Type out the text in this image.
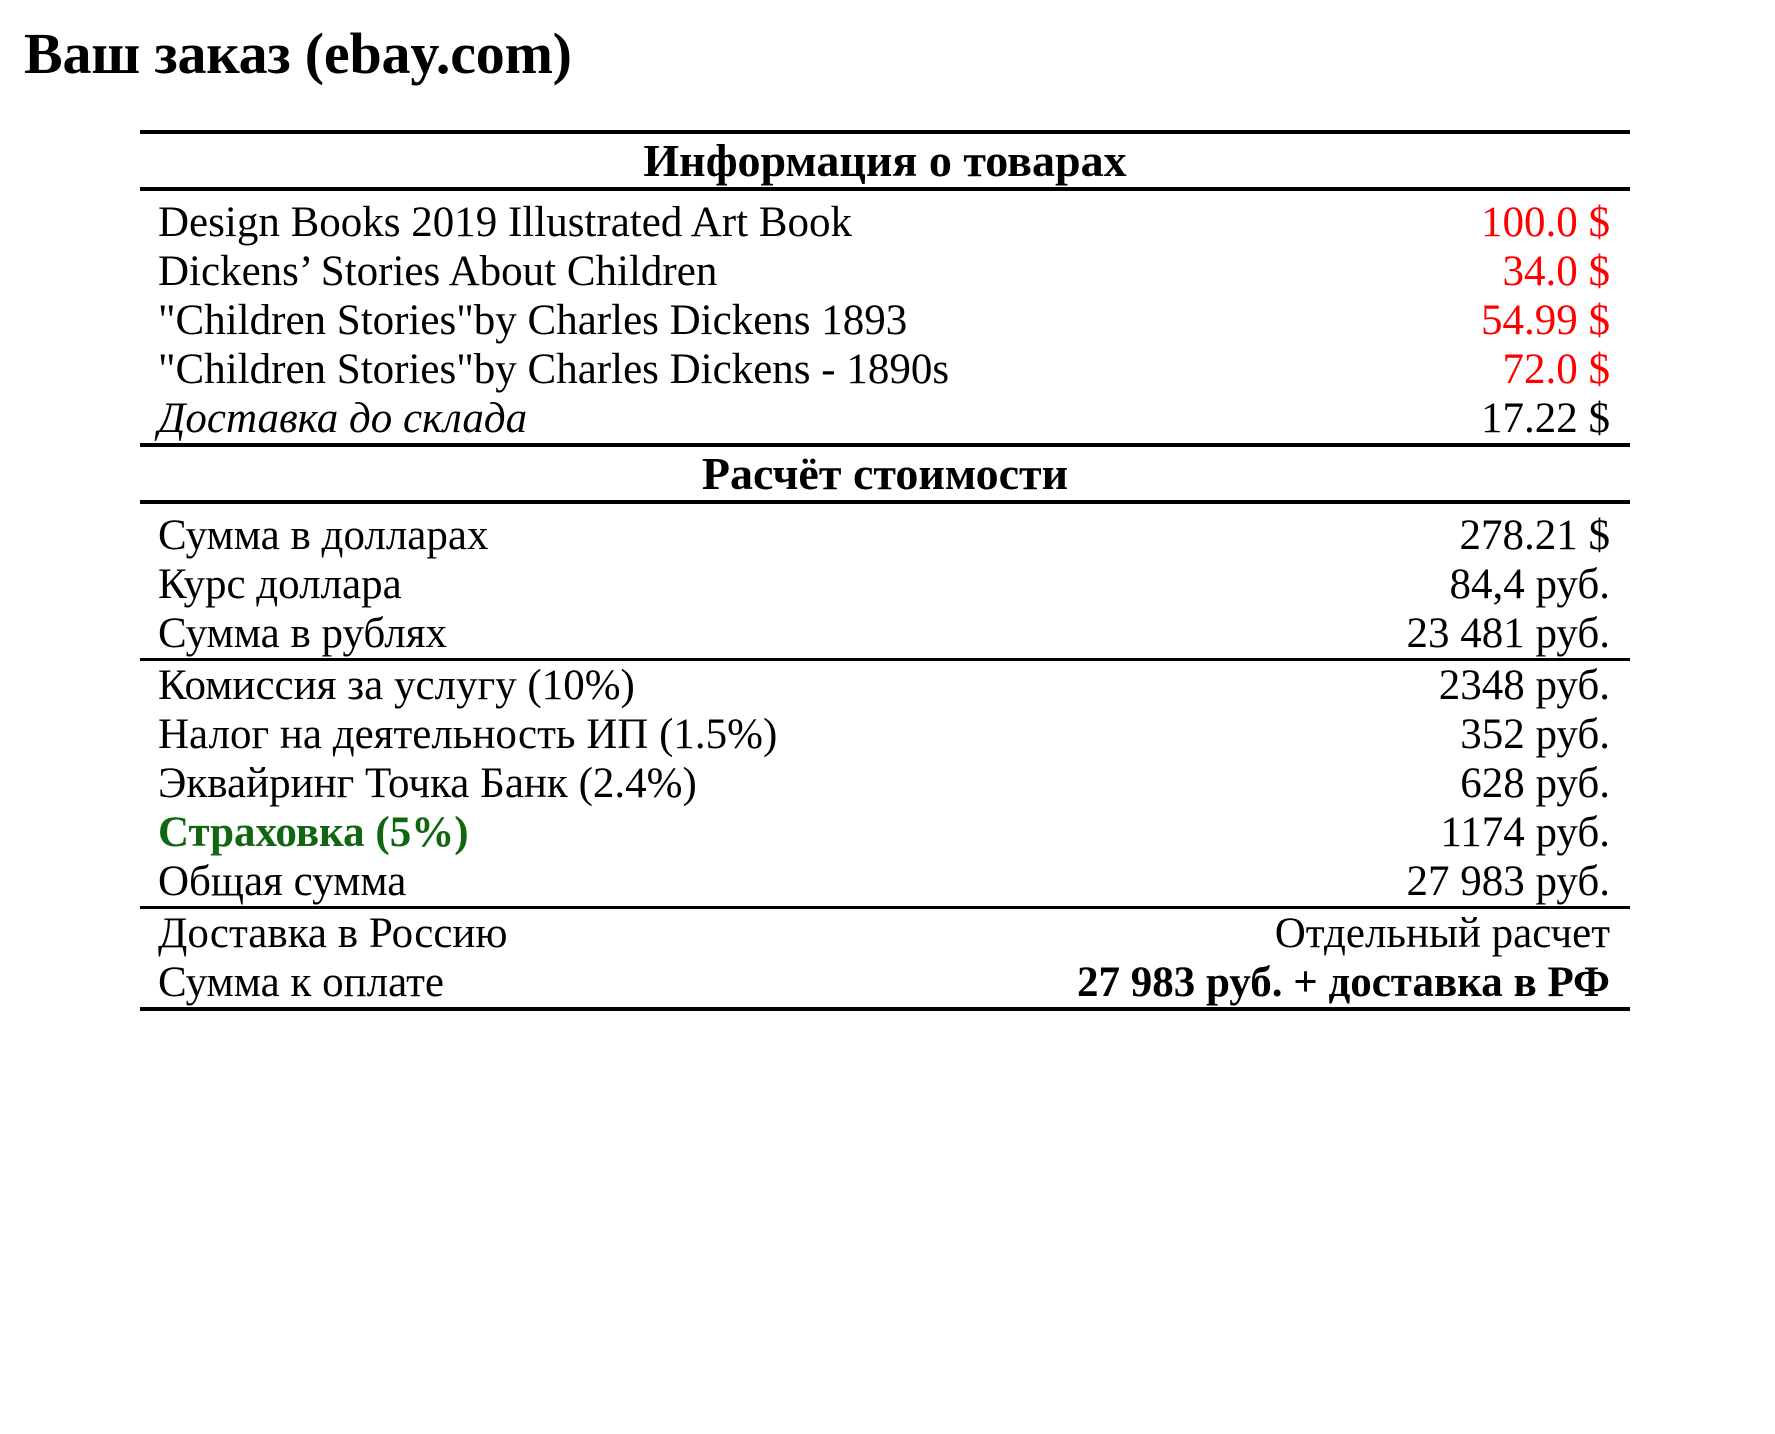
Ваш заказ (ebay.com)
Информация о товарах	

Design Books 2019 Illustrated Art Book	100.0 $
Dickens’ Stories About Children	34.0 $
"Children Stories"by Charles Dickens 1893	54.99 $
"Children Stories"by Charles Dickens - 1890s	72.0 $
Доставка до склада	17.22 $
Расчёт стоимости	

Сумма в долларах	278.21 $
Курс доллара	84,4 руб.
Сумма в рублях	23 481 руб.
Комиссия за услугу (10%)	2348 руб.
Налог на деятельность ИП (1.5%)	352 руб.
Эквайринг Точка Банк (2.4%)	628 руб.
Страховка (5%)	1174 руб.
Общая сумма	27 983 руб.
Доставка в Россию	Отдельный расчет
Сумма к оплате	27 983 руб. + доставка в РФ
